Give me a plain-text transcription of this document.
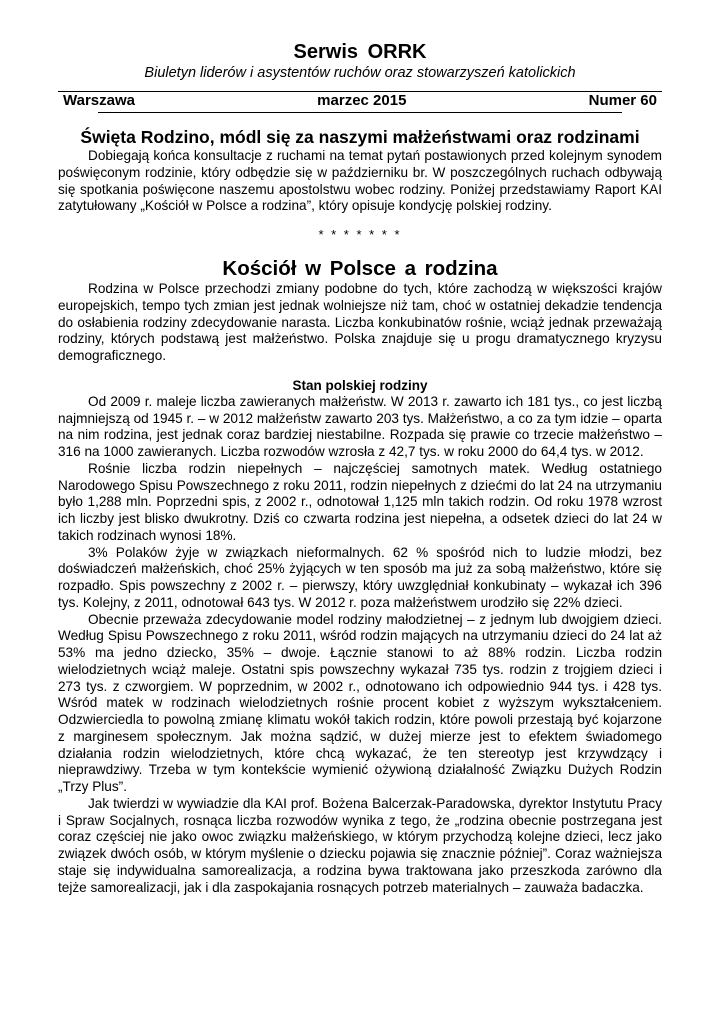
Serwis ORRK
Biuletyn liderów i asystentów ruchów oraz stowarzyszeń katolickich
Warszawa	marzec 2015	Numer 60
Święta Rodzino, módl się za naszymi małżeństwami oraz rodzinami

Dobiegają końca konsultacje z ruchami na temat pytań postawionych przed kolejnym synodem poświęconym rodzinie, który odbędzie się w październiku br. W poszczególnych ruchach odbywają się spotkania poświęcone naszemu apostolstwu wobec rodziny. Poniżej przedstawiamy Raport KAI zatytułowany „Kościół w Polsce a rodzina”, który opisuje kondycję polskiej rodziny.

* * * * * * *
Kościół w Polsce a rodzina

Rodzina w Polsce przechodzi zmiany podobne do tych, które zachodzą w większości krajów europejskich, tempo tych zmian jest jednak wolniejsze niż tam, choć w ostatniej dekadzie tendencja do osłabienia rodziny zdecydowanie narasta. Liczba konkubinatów rośnie, wciąż jednak przeważają rodziny, których podstawą jest małżeństwo. Polska znajduje się u progu dramatycznego kryzysu demograficznego.

Stan polskiej rodziny

Od 2009 r. maleje liczba zawieranych małżeństw. W 2013 r. zawarto ich 181 tys., co jest liczbą najmniejszą od 1945 r. – w 2012 małżeństw zawarto 203 tys. Małżeństwo, a co za tym idzie – oparta na nim rodzina, jest jednak coraz bardziej niestabilne. Rozpada się prawie co trzecie małżeństwo – 316 na 1000 zawieranych. Liczba rozwodów wzrosła z 42,7 tys. w roku 2000 do 64,4 tys. w 2012.

Rośnie liczba rodzin niepełnych – najczęściej samotnych matek. Według ostatniego Narodowego Spisu Powszechnego z roku 2011, rodzin niepełnych z dziećmi do lat 24 na utrzymaniu było 1,288 mln. Poprzedni spis, z 2002 r., odnotował 1,125 mln takich rodzin. Od roku 1978 wzrost ich liczby jest blisko dwukrotny. Dziś co czwarta rodzina jest niepełna, a odsetek dzieci do lat 24 w takich rodzinach wynosi 18%.

3% Polaków żyje w związkach nieformalnych. 62 % spośród nich to ludzie młodzi, bez doświadczeń małżeńskich, choć 25% żyjących w ten sposób ma już za sobą małżeństwo, które się rozpadło. Spis powszechny z 2002 r. – pierwszy, który uwzględniał konkubinaty – wykazał ich 396 tys. Kolejny, z 2011, odnotował 643 tys. W 2012 r. poza małżeństwem urodziło się 22% dzieci.

Obecnie przeważa zdecydowanie model rodziny małodzietnej – z jednym lub dwojgiem dzieci. Według Spisu Powszechnego z roku 2011, wśród rodzin mających na utrzymaniu dzieci do 24 lat aż 53% ma jedno dziecko, 35% – dwoje. Łącznie stanowi to aż 88% rodzin. Liczba rodzin wielodzietnych wciąż maleje. Ostatni spis powszechny wykazał 735 tys. rodzin z trojgiem dzieci i 273 tys. z czworgiem. W poprzednim, w 2002 r., odnotowano ich odpowiednio 944 tys. i 428 tys. Wśród matek w rodzinach wielodzietnych rośnie procent kobiet z wyższym wykształceniem. Odzwierciedla to powolną zmianę klimatu wokół takich rodzin, które powoli przestają być kojarzone z marginesem społecznym. Jak można sądzić, w dużej mierze jest to efektem świadomego działania rodzin wielodzietnych, które chcą wykazać, że ten stereotyp jest krzywdzący i nieprawdziwy. Trzeba w tym kontekście wymienić ożywioną działalność Związku Dużych Rodzin „Trzy Plus”.

Jak twierdzi w wywiadzie dla KAI prof. Bożena Balcerzak-Paradowska, dyrektor Instytutu Pracy i Spraw Socjalnych, rosnąca liczba rozwodów wynika z tego, że „rodzina obecnie postrzegana jest coraz częściej nie jako owoc związku małżeńskiego, w którym przychodzą kolejne dzieci, lecz jako związek dwóch osób, w którym myślenie o dziecku pojawia się znacznie później”. Coraz ważniejsza staje się indywidualna samorealizacja, a rodzina bywa traktowana jako przeszkoda zarówno dla tejże samorealizacji, jak i dla zaspokajania rosnących potrzeb materialnych – zauważa badaczka.
